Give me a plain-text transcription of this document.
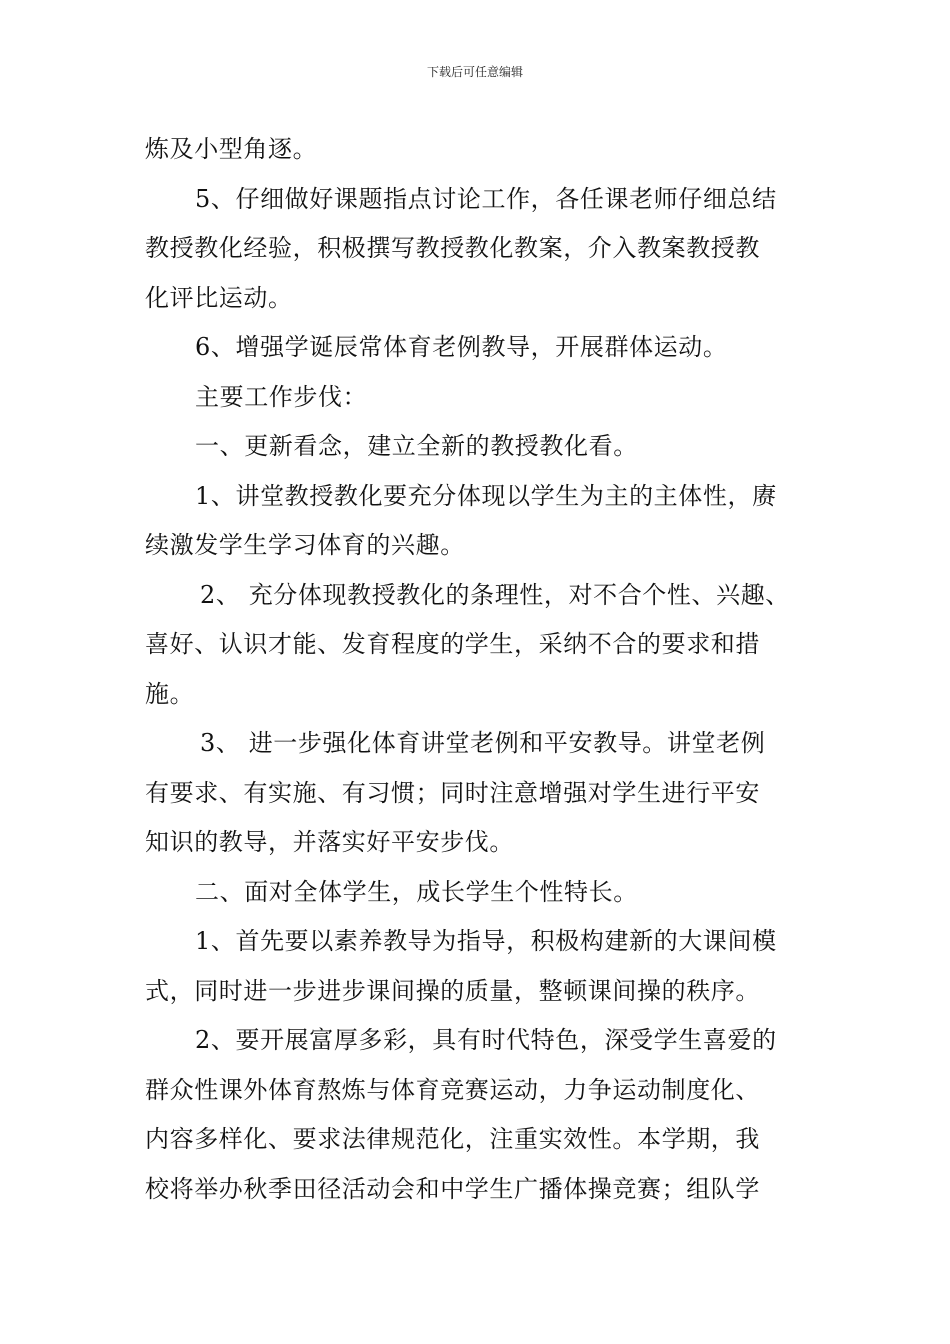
下载后可任意编辑
炼及小型角逐。
5、仔细做好课题指点讨论工作，各任课老师仔细总结
教授教化经验，积极撰写教授教化教案，介入教案教授教
化评比运动。
6、增强学诞辰常体育老例教导，开展群体运动。
主要工作步伐：
一、更新看念，建立全新的教授教化看。
1、讲堂教授教化要充分体现以学生为主的主体性，赓
续激发学生学习体育的兴趣。
2、 充分体现教授教化的条理性，对不合个性、兴趣、
喜好、认识才能、发育程度的学生，采纳不合的要求和措
施。
3、 进一步强化体育讲堂老例和平安教导。讲堂老例
有要求、有实施、有习惯；同时注意增强对学生进行平安
知识的教导，并落实好平安步伐。
二、面对全体学生，成长学生个性特长。
1、首先要以素养教导为指导，积极构建新的大课间模
式，同时进一步进步课间操的质量，整顿课间操的秩序。
2、要开展富厚多彩，具有时代特色，深受学生喜爱的
群众性课外体育熬炼与体育竞赛运动，力争运动制度化、
内容多样化、要求法律规范化，注重实效性。本学期，我
校将举办秋季田径活动会和中学生广播体操竞赛；组队学
